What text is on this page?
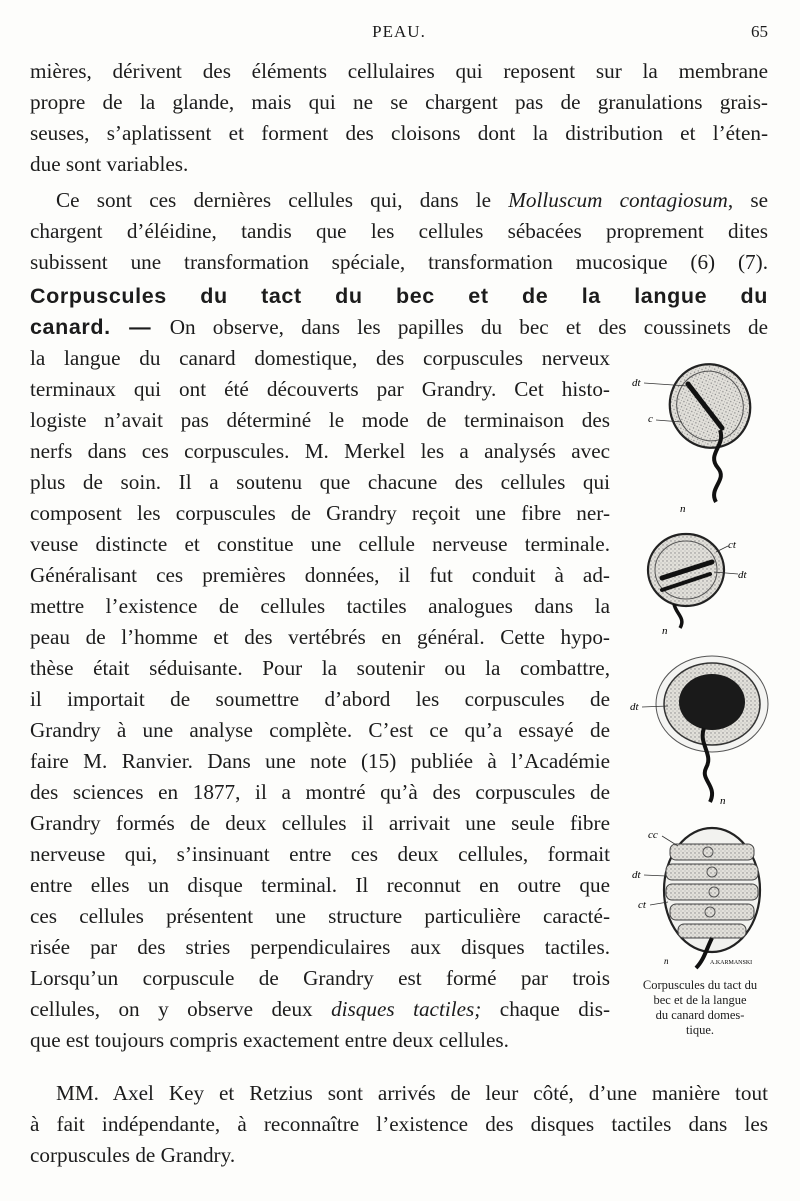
PEAU.	65
mières, dérivent des éléments cellulaires qui reposent sur la membrane
propre de la glande, mais qui ne se chargent pas de granulations grais-
seuses, s’aplatissent et forment des cloisons dont la distribution et l’éten-
due sont variables.
Ce sont ces dernières cellules qui, dans le Molluscum contagiosum, se
chargent d’éléidine, tandis que les cellules sébacées proprement dites
subissent une transformation spéciale, transformation mucosique (6) (7).
Corpuscules du tact du bec et de la langue du
canard. — On observe, dans les papilles du bec et des coussinets de
la langue du canard domestique, des corpuscules nerveux
terminaux qui ont été découverts par Grandry. Cet histo-
logiste n’avait pas déterminé le mode de terminaison des
nerfs dans ces corpuscules. M. Merkel les a analysés avec
plus de soin. Il a soutenu que chacune des cellules qui
composent les corpuscules de Grandry reçoit une fibre ner-
veuse distincte et constitue une cellule nerveuse terminale.
Généralisant ces premières données, il fut conduit à ad-
mettre l’existence de cellules tactiles analogues dans la
peau de l’homme et des vertébrés en général. Cette hypo-
thèse était séduisante. Pour la soutenir ou la combattre,
il importait de soumettre d’abord les corpuscules de
Grandry à une analyse complète. C’est ce qu’a essayé de
faire M. Ranvier. Dans une note (15) publiée à l’Académie
des sciences en 1877, il a montré qu’à des corpuscules de
Grandry formés de deux cellules il arrivait une seule fibre
nerveuse qui, s’insinuant entre ces deux cellules, formait
entre elles un disque terminal. Il reconnut en outre que
ces cellules présentent une structure particulière caracté-
risée par des stries perpendiculaires aux disques tactiles.
Lorsqu’un corpuscule de Grandry est formé par trois
cellules, on y observe deux disques tactiles; chaque dis-
que est toujours compris exactement entre deux cellules.
MM. Axel Key et Retzius sont arrivés de leur côté, d’une manière tout
à fait indépendante, à reconnaître l’existence des disques tactiles dans les
corpuscules de Grandry.
dt
c
n
ct
dt
n
dt
n
cc
dt
ct
n	A.KARMANSKI
Corpuscules du tact du
bec et de la langue
du canard domes-
tique.
